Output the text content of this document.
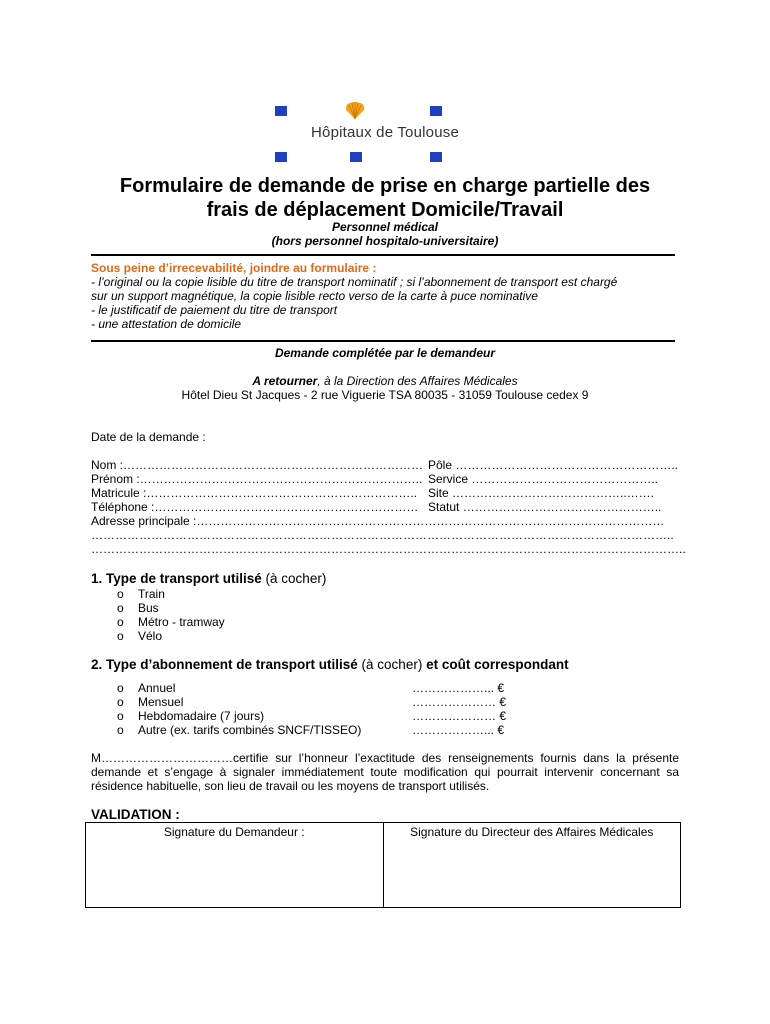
Hôpitaux de Toulouse
Formulaire de demande de prise en charge partielle des
frais de déplacement Domicile/Travail
Personnel médical
(hors personnel hospitalo-universitaire)
Sous peine d’irrecevabilité, joindre au formulaire :
- l’original ou la copie lisible du titre de transport nominatif ; si l’abonnement de transport est chargé
sur un support magnétique, la copie lisible recto verso de la carte à puce nominative
- le justificatif de paiement du titre de transport
- une attestation de domicile
Demande complétée par le demandeur
A retourner, à la Direction des Affaires Médicales
Hôtel Dieu St Jacques - 2 rue Viguerie TSA 80035 - 31059 Toulouse cedex 9
Date de la demande :
Nom :………………………………………………………………… Pôle ………………………………………………..
Prénom :…………………………………………………………….. Service ………………………………………..
Matricule :………………………………………………………….. Site ……………………………………..…….
Téléphone :………………………………………………………… Statut …………………………………………..
Adresse principale :………………………………………………………………………………………………………
………………………………………………………………………………………………………………………………..
…………………………………………………………………………………………………………………………………..
1. Type de transport utilisé (à cocher)
o Train
o Bus
o Métro - tramway
o Vélo
2. Type d’abonnement de transport utilisé (à cocher) et coût correspondant
o Annuel	………………... €
o Mensuel	………………… €
o Hebdomadaire (7 jours)	………………… €
o Autre (ex. tarifs combinés SNCF/TISSEO)	………………... €
M……………………………certifie sur l’honneur l’exactitude des renseignements fournis dans la présente demande et s’engage à signaler immédiatement toute modification qui pourrait intervenir concernant sa résidence habituelle, son lieu de travail ou les moyens de transport utilisés.
VALIDATION :
Signature du Demandeur :	Signature du Directeur des Affaires Médicales
